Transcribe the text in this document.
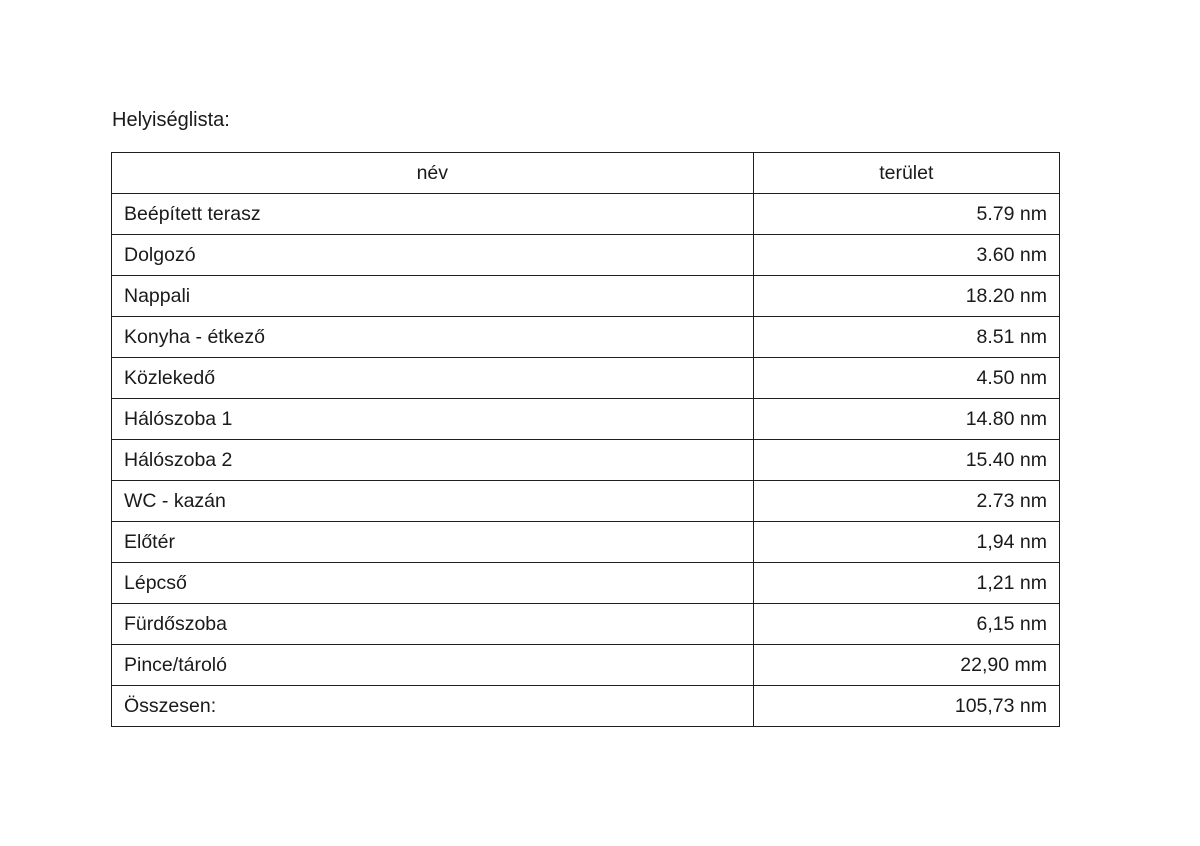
Helyiséglista:
név	terület
Beépített terasz	5.79 nm
Dolgozó	3.60 nm
Nappali	18.20 nm
Konyha - étkező	8.51 nm
Közlekedő	4.50 nm
Hálószoba 1	14.80 nm
Hálószoba 2	15.40 nm
WC - kazán	2.73 nm
Előtér	1,94 nm
Lépcső	1,21 nm
Fürdőszoba	6,15 nm
Pince/tároló	22,90 mm
Összesen:	105,73 nm
